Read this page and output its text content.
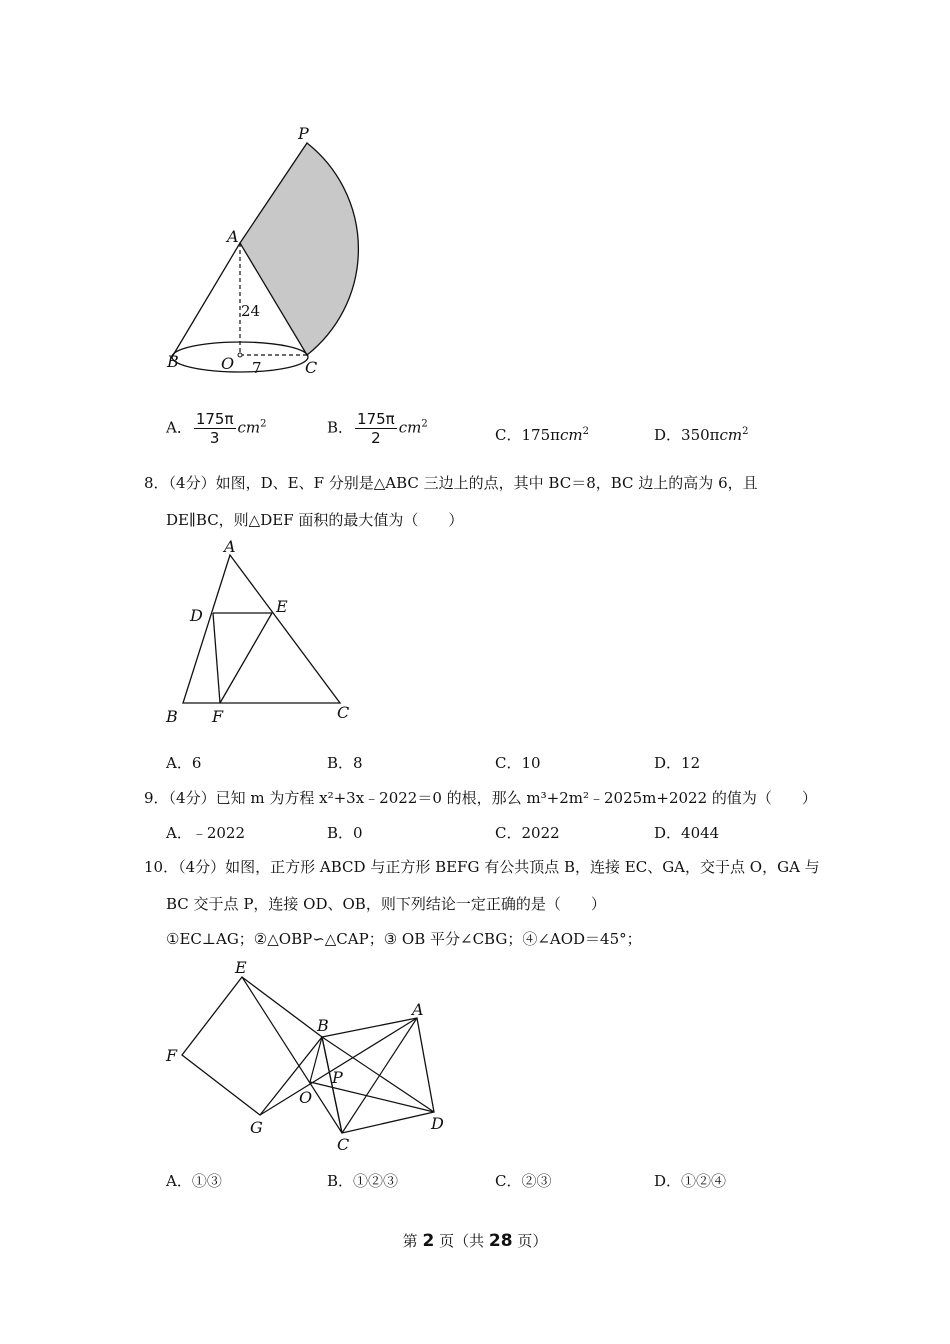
P
A
B	O	C
24
7
A． $\frac{175\pi}{3} cm^2$	B． $\frac{175\pi}{2} cm^2$
C．175πcm$^2$	D．350πcm$^2$
8．（4分）如图，D、E、F 分别是△ABC 三边上的点，其中 BC＝8，BC 边上的高为 6，且
DE∥BC，则△DEF 面积的最大值为（　　）
A
D	E
B F	C
A．6	B．8	C．10	D．12
9．（4分）已知 m 为方程 x²+3x﹣2022＝0 的根，那么 m³+2m²﹣2025m+2022 的值为（　　）
A．﹣2022	B．0	C．2022	D．4044
10．（4分）如图，正方形 ABCD 与正方形 BEFG 有公共顶点 B，连接 EC、GA，交于点 O，GA 与
BC 交于点 P，连接 OD、OB，则下列结论一定正确的是（　　）
①EC⊥AG；②△OBP∽△CAP；③ OB 平分∠CBG；④∠AOD＝45°；
E
B
A
F
P
O
G
C
D
A．①③	B．①②③	C．②③	D．①②④
第 2 页（共 28 页）
